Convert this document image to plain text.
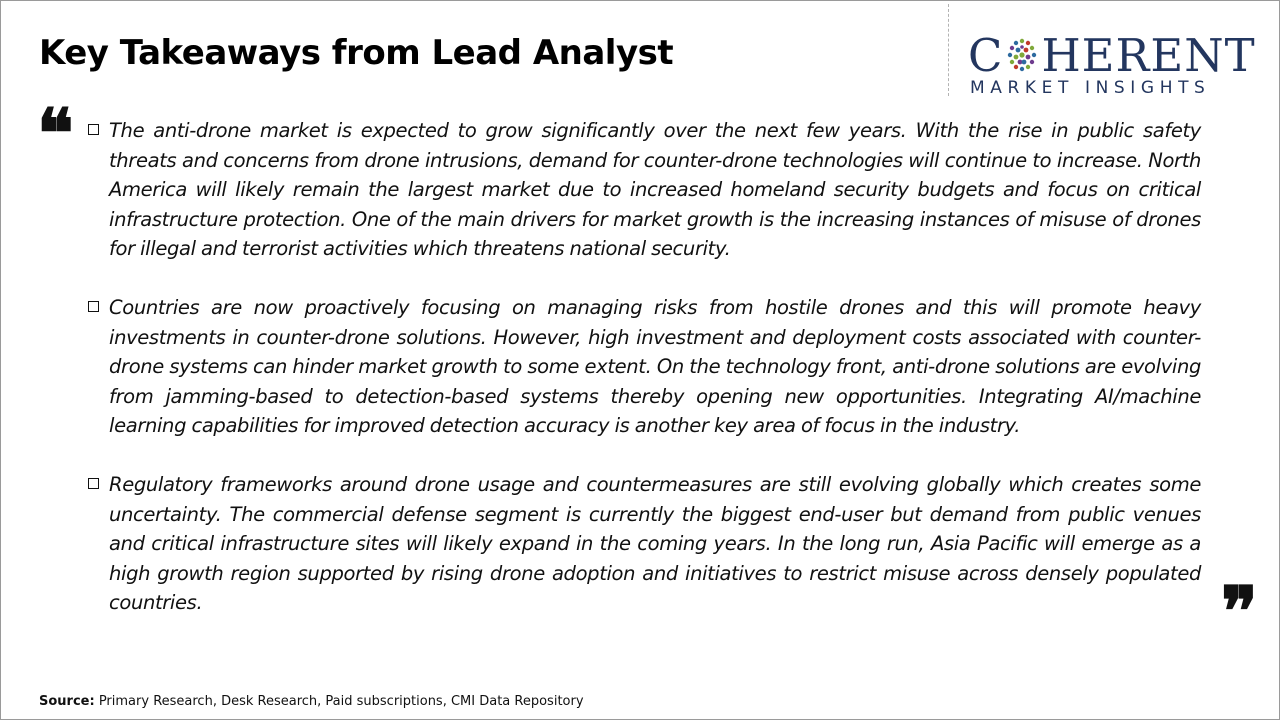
Key Takeaways from Lead Analyst	C HERENT
MARKET INSIGHTS
❝ The anti-drone market is expected to grow significantly over the next few years. With the rise in public safety threats and concerns from drone intrusions, demand for counter-drone technologies will continue to increase. North America will likely remain the largest market due to increased homeland security budgets and focus on critical infrastructure protection. One of the main drivers for market growth is the increasing instances of misuse of drones for illegal and terrorist activities which threatens national security.
Countries are now proactively focusing on managing risks from hostile drones and this will promote heavy investments in counter-drone solutions. However, high investment and deployment costs associated with counter-drone systems can hinder market growth to some extent. On the technology front, anti-drone solutions are evolving from jamming-based to detection-based systems thereby opening new opportunities. Integrating AI/machine learning capabilities for improved detection accuracy is another key area of focus in the industry.
Regulatory frameworks around drone usage and countermeasures are still evolving globally which creates some uncertainty. The commercial defense segment is currently the biggest end-user but demand from public venues and critical infrastructure sites will likely expand in the coming years. In the long run, Asia Pacific will emerge as a high growth region supported by rising drone adoption and initiatives to restrict misuse across densely populated countries.	❞
Source: Primary Research, Desk Research, Paid subscriptions, CMI Data Repository
